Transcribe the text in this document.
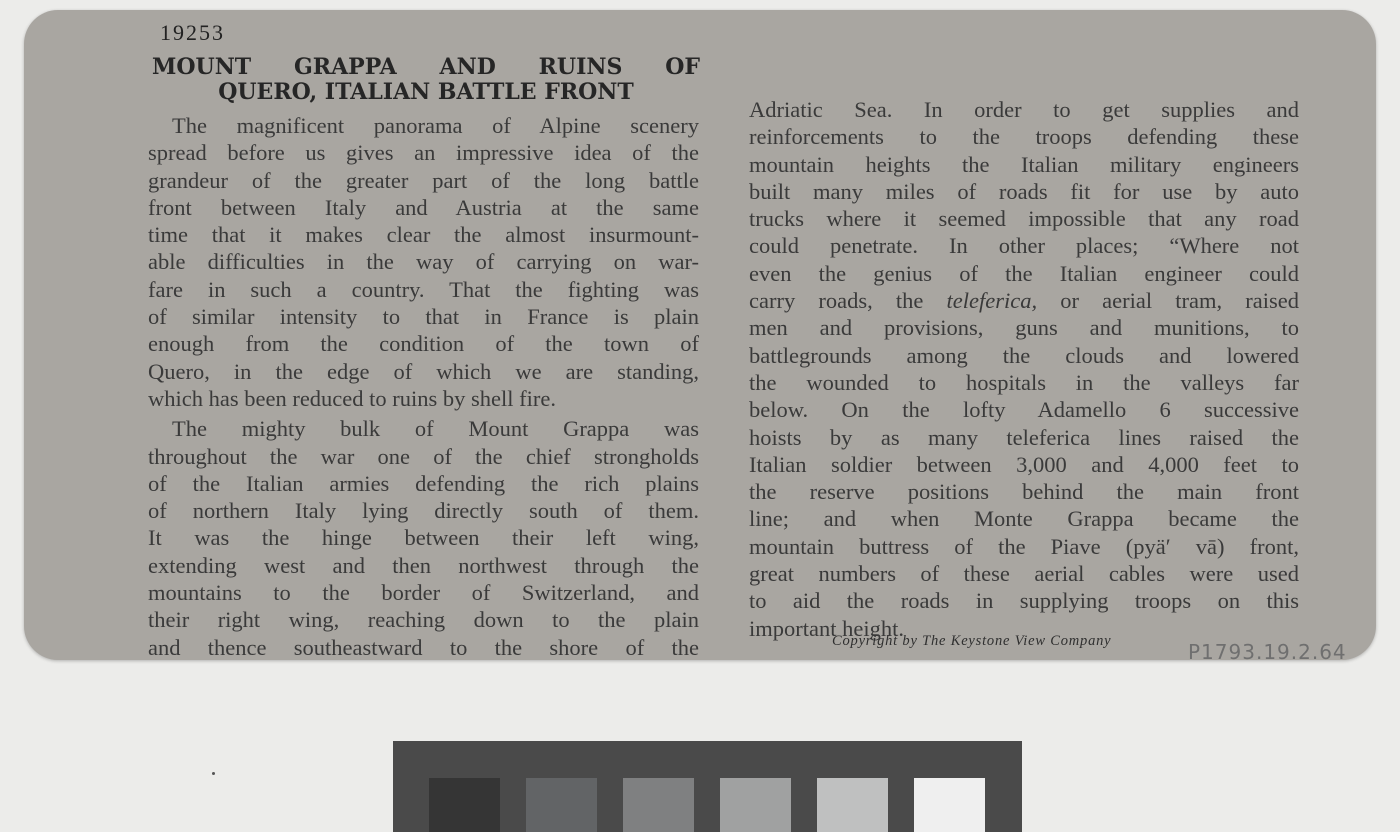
19253
MOUNT GRAPPA AND RUINS OF
QUERO, ITALIAN BATTLE FRONT
The magnificent panorama of Alpine scenery
spread before us gives an impressive idea of the
grandeur of the greater part of the long battle
front between Italy and Austria at the same
time that it makes clear the almost insurmount-
able difficulties in the way of carrying on war-
fare in such a country. That the fighting was
of similar intensity to that in France is plain
enough from the condition of the town of
Quero, in the edge of which we are standing,
which has been reduced to ruins by shell fire.
The mighty bulk of Mount Grappa was
throughout the war one of the chief strongholds
of the Italian armies defending the rich plains
of northern Italy lying directly south of them.
It was the hinge between their left wing,
extending west and then northwest through the
mountains to the border of Switzerland, and
their right wing, reaching down to the plain
and thence southeastward to the shore of the
Adriatic Sea. In order to get supplies and
reinforcements to the troops defending these
mountain heights the Italian military engineers
built many miles of roads fit for use by auto
trucks where it seemed impossible that any road
could penetrate. In other places; “Where not
even the genius of the Italian engineer could
carry roads, the teleferica, or aerial tram, raised
men and provisions, guns and munitions, to
battlegrounds among the clouds and lowered
the wounded to hospitals in the valleys far
below. On the lofty Adamello 6 successive
hoists by as many teleferica lines raised the
Italian soldier between 3,000 and 4,000 feet to
the reserve positions behind the main front
line; and when Monte Grappa became the
mountain buttress of the Piave (pyä′ vā) front,
great numbers of these aerial cables were used
to aid the roads in supplying troops on this
important height.
Copyright by The Keystone View Company	P1793.19.2.64
